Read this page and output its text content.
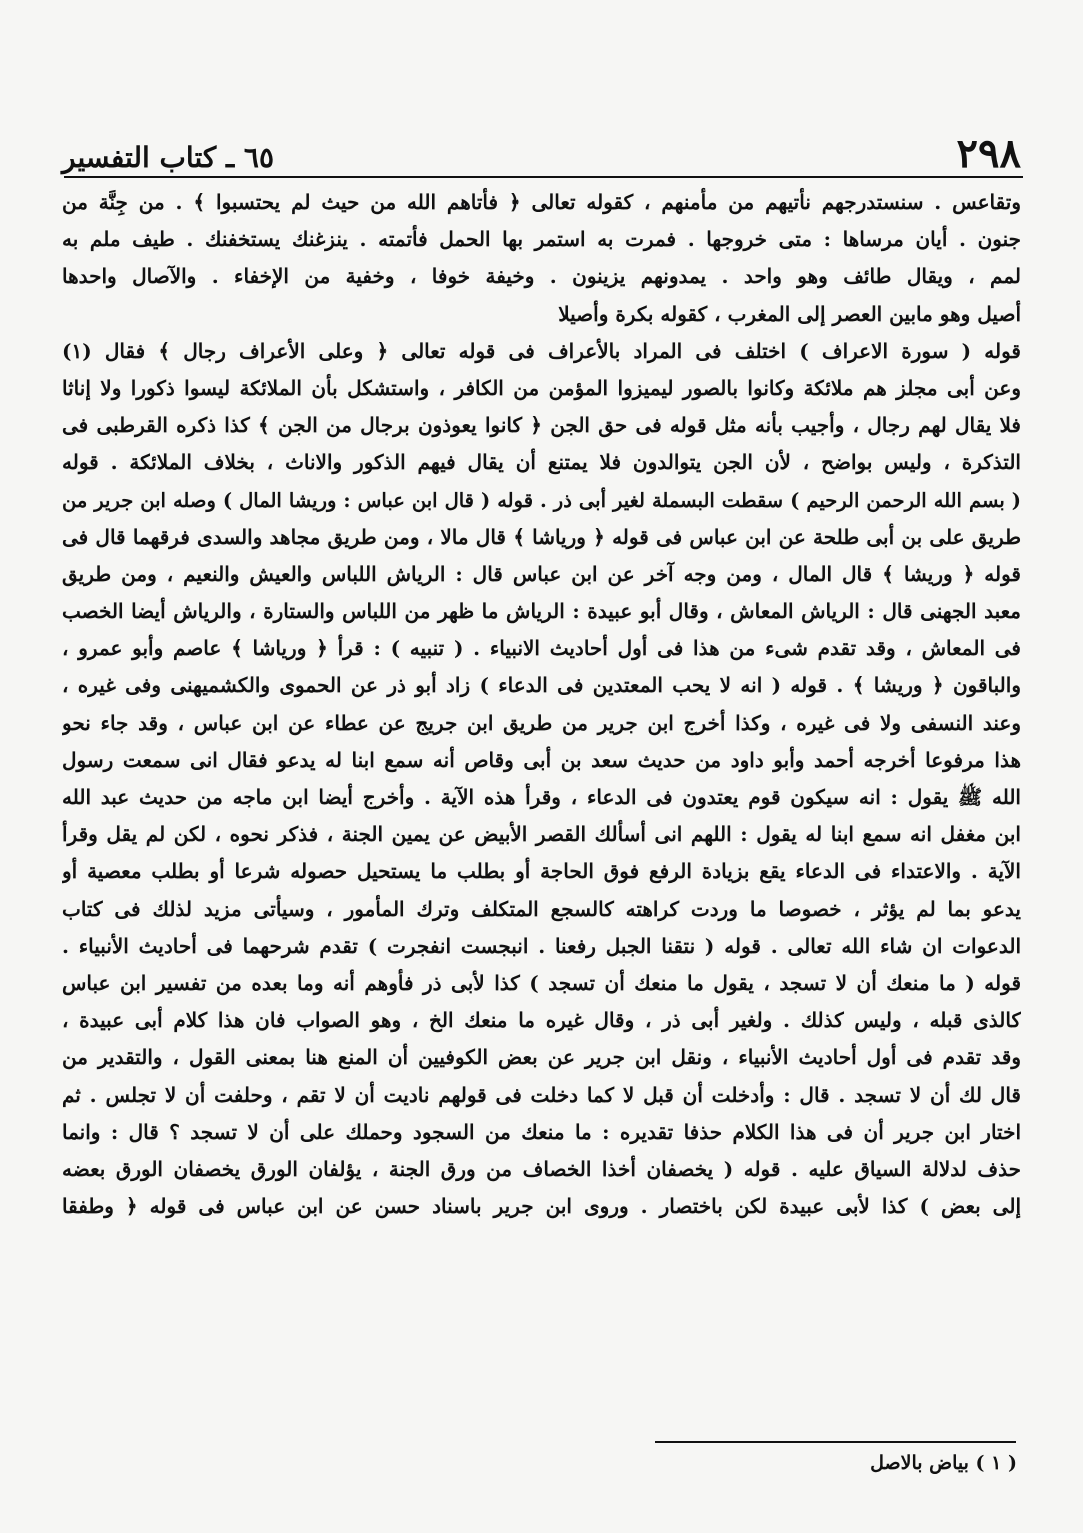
٦٥ ـ كتاب التفسير	٢٩٨
وتقاعس . سنستدرجهم نأتيهم من مأمنهم ، كقوله تعالى ﴿ فأتاهم الله من حيث لم يحتسبوا ﴾ . من جِنَّة من
جنون . أيان مرساها : متى خروجها . فمرت به استمر بها الحمل فأتمته . ينزغنك يستخفنك . طيف ملم به
لمم ، ويقال طائف وهو واحد . يمدونهم يزينون . وخيفة خوفا ، وخفية من الإخفاء . والآصال واحدها
أصيل وهو مابين العصر إلى المغرب ، كقوله بكرة وأصيلا
قوله ( سورة الاعراف ) اختلف فى المراد بالأعراف فى قوله تعالى ﴿ وعلى الأعراف رجال ﴾ فقال (١)
وعن أبى مجلز هم ملائكة وكانوا بالصور ليميزوا المؤمن من الكافر ، واستشكل بأن الملائكة ليسوا ذكورا ولا إناثا
فلا يقال لهم رجال ، وأجيب بأنه مثل قوله فى حق الجن ﴿ كانوا يعوذون برجال من الجن ﴾ كذا ذكره القرطبى فى
التذكرة ، وليس بواضح ، لأن الجن يتوالدون فلا يمتنع أن يقال فيهم الذكور والاناث ، بخلاف الملائكة . قوله
( بسم الله الرحمن الرحيم ) سقطت البسملة لغير أبى ذر . قوله ( قال ابن عباس : وريشا المال ) وصله ابن جرير من
طريق على بن أبى طلحة عن ابن عباس فى قوله ﴿ ورياشا ﴾ قال مالا ، ومن طريق مجاهد والسدى فرقهما قال فى
قوله ﴿ وريشا ﴾ قال المال ، ومن وجه آخر عن ابن عباس قال : الرياش اللباس والعيش والنعيم ، ومن طريق
معبد الجهنى قال : الرياش المعاش ، وقال أبو عبيدة : الرياش ما ظهر من اللباس والستارة ، والرياش أيضا الخصب
فى المعاش ، وقد تقدم شىء من هذا فى أول أحاديث الانبياء . ( تنبيه ) : قرأ ﴿ ورياشا ﴾ عاصم وأبو عمرو ،
والباقون ﴿ وريشا ﴾ . قوله ( انه لا يحب المعتدين فى الدعاء ) زاد أبو ذر عن الحموى والكشميهنى وفى غيره ،
وعند النسفى ولا فى غيره ، وكذا أخرج ابن جرير من طريق ابن جريج عن عطاء عن ابن عباس ، وقد جاء نحو
هذا مرفوعا أخرجه أحمد وأبو داود من حديث سعد بن أبى وقاص أنه سمع ابنا له يدعو فقال انى سمعت رسول
الله ﷺ يقول : انه سيكون قوم يعتدون فى الدعاء ، وقرأ هذه الآية . وأخرج أيضا ابن ماجه من حديث عبد الله
ابن مغفل انه سمع ابنا له يقول : اللهم انى أسألك القصر الأبيض عن يمين الجنة ، فذكر نحوه ، لكن لم يقل وقرأ
الآية . والاعتداء فى الدعاء يقع بزيادة الرفع فوق الحاجة أو بطلب ما يستحيل حصوله شرعا أو بطلب معصية أو
يدعو بما لم يؤثر ، خصوصا ما وردت كراهته كالسجع المتكلف وترك المأمور ، وسيأتى مزيد لذلك فى كتاب
الدعوات ان شاء الله تعالى . قوله ( نتقنا الجبل رفعنا . انبجست انفجرت ) تقدم شرحهما فى أحاديث الأنبياء .
قوله ( ما منعك أن لا تسجد ، يقول ما منعك أن تسجد ) كذا لأبى ذر فأوهم أنه وما بعده من تفسير ابن عباس
كالذى قبله ، وليس كذلك . ولغير أبى ذر ، وقال غيره ما منعك الخ ، وهو الصواب فان هذا كلام أبى عبيدة ،
وقد تقدم فى أول أحاديث الأنبياء ، ونقل ابن جرير عن بعض الكوفيين أن المنع هنا بمعنى القول ، والتقدير من
قال لك أن لا تسجد . قال : وأدخلت أن قبل لا كما دخلت فى قولهم ناديت أن لا تقم ، وحلفت أن لا تجلس . ثم
اختار ابن جرير أن فى هذا الكلام حذفا تقديره : ما منعك من السجود وحملك على أن لا تسجد ؟ قال : وانما
حذف لدلالة السياق عليه . قوله ( يخصفان أخذا الخصاف من ورق الجنة ، يؤلفان الورق يخصفان الورق بعضه
إلى بعض ) كذا لأبى عبيدة لكن باختصار . وروى ابن جرير باسناد حسن عن ابن عباس فى قوله ﴿ وطفقا
( ١ ) بياض بالاصل
